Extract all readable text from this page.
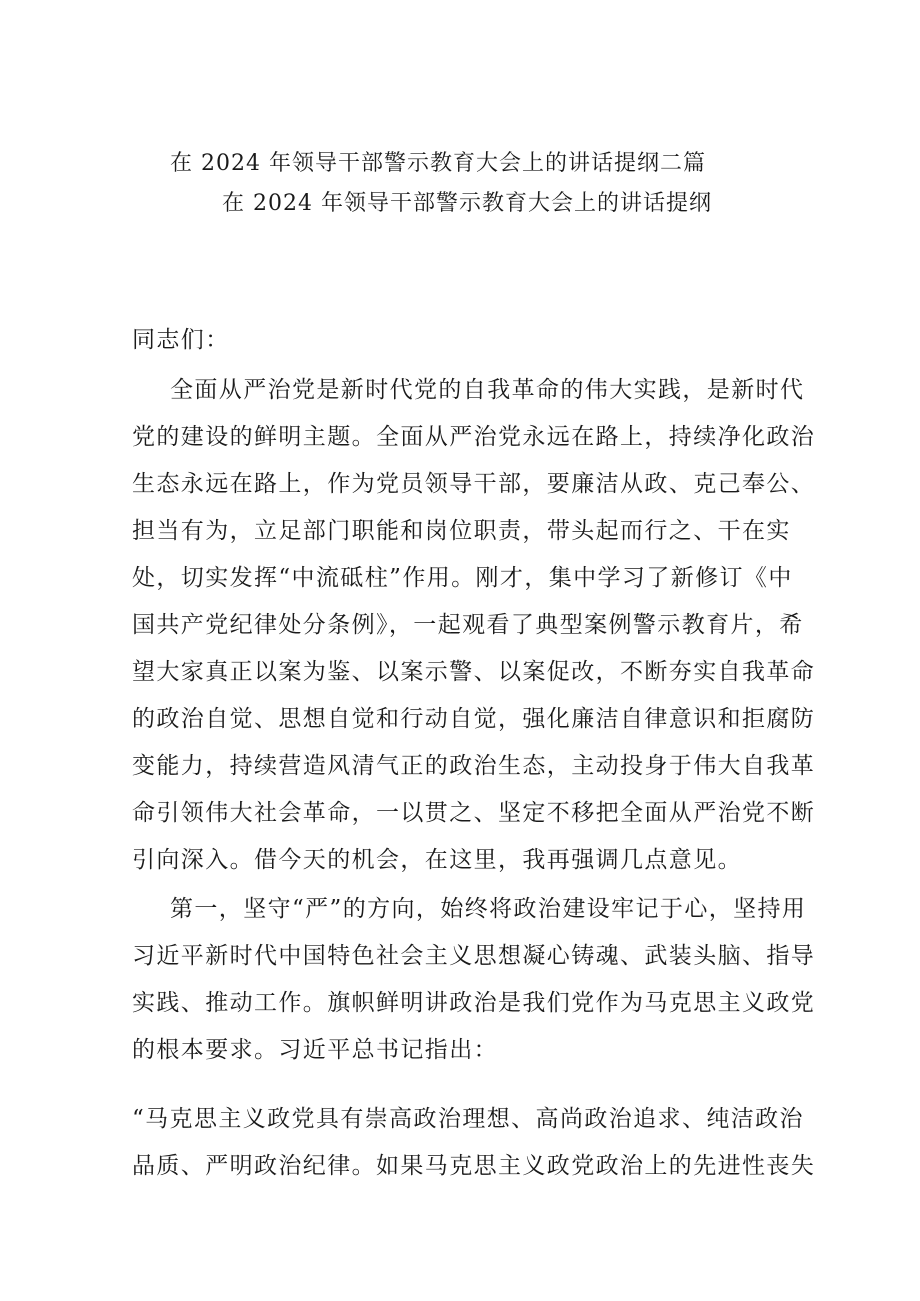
在 2024 年领导干部警示教育大会上的讲话提纲二篇
在 2024 年领导干部警示教育大会上的讲话提纲
同志们：
全面从严治党是新时代党的自我革命的伟大实践，是新时代
党的建设的鲜明主题。全面从严治党永远在路上，持续净化政治
生态永远在路上，作为党员领导干部，要廉洁从政、克己奉公、
担当有为，立足部门职能和岗位职责，带头起而行之、干在实
处，切实发挥“中流砥柱”作用。刚才，集中学习了新修订《中
国共产党纪律处分条例》，一起观看了典型案例警示教育片，希
望大家真正以案为鉴、以案示警、以案促改，不断夯实自我革命
的政治自觉、思想自觉和行动自觉，强化廉洁自律意识和拒腐防
变能力，持续营造风清气正的政治生态，主动投身于伟大自我革
命引领伟大社会革命，一以贯之、坚定不移把全面从严治党不断
引向深入。借今天的机会，在这里，我再强调几点意见。
第一，坚守“严”的方向，始终将政治建设牢记于心，坚持用
习近平新时代中国特色社会主义思想凝心铸魂、武装头脑、指导
实践、推动工作。旗帜鲜明讲政治是我们党作为马克思主义政党
的根本要求。习近平总书记指出：
“马克思主义政党具有崇高政治理想、高尚政治追求、纯洁政治
品质、严明政治纪律。如果马克思主义政党政治上的先进性丧失
